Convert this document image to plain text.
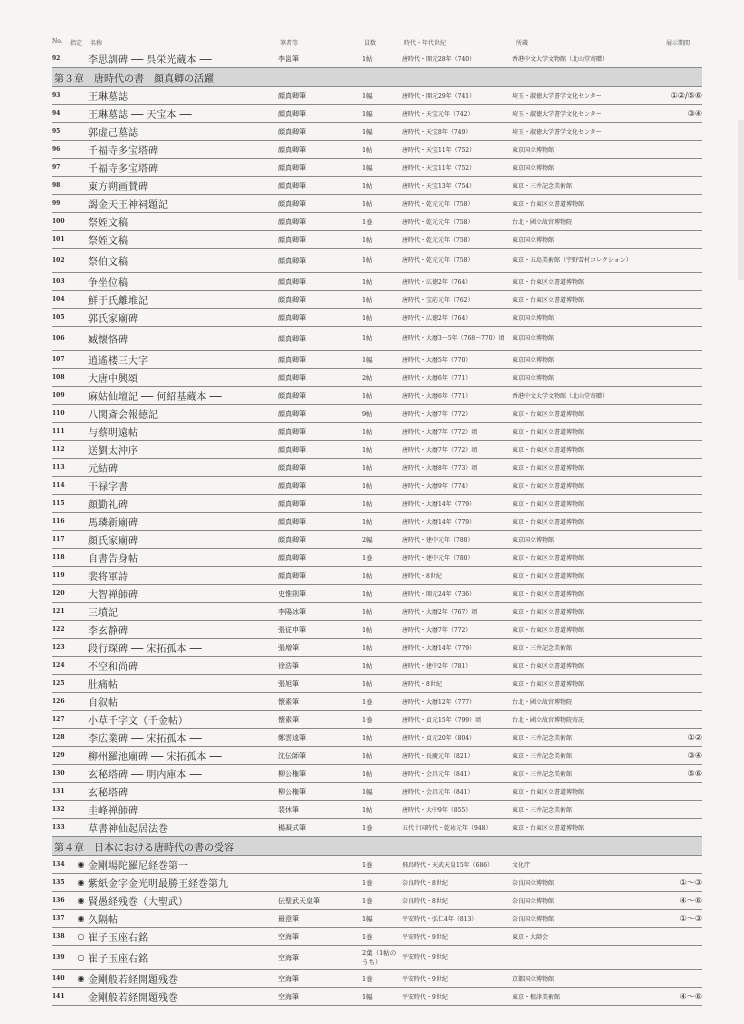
No. 指定 名称	筆者等	員数	時代・年代世紀	所蔵	展示期間
92		李思訓碑 ── 呉栄光蔵本 ──	李邕筆	1帖	唐時代・開元28年（740）	香港中文大学文物館（北山堂寄贈）	
第３章　唐時代の書　顔真卿の活躍							
93		王琳墓誌	顔真卿筆	1幅	唐時代・開元29年（741）	埼玉・淑徳大学書学文化センター	①②/⑤⑥
94		王琳墓誌 ── 天宝本 ──	顔真卿筆	1幅	唐時代・天宝元年（742）	埼玉・淑徳大学書学文化センター	③④
95		郭虚己墓誌	顔真卿筆	1幅	唐時代・天宝8年（749）	埼玉・淑徳大学書学文化センター	
96		千福寺多宝塔碑	顔真卿筆	1帖	唐時代・天宝11年（752）	東京国立博物館	
97		千福寺多宝塔碑	顔真卿筆	1幅	唐時代・天宝11年（752）	東京国立博物館	
98		東方朔画賛碑	顔真卿筆	1帖	唐時代・天宝13年（754）	東京・三井記念美術館	
99		謁金天王神祠題記	顔真卿筆	1帖	唐時代・乾元元年（758）	東京・台東区立書道博物館	
100		祭姪文稿	顔真卿筆	1巻	唐時代・乾元元年（758）	台北・國立故宮博物院	
101		祭姪文稿	顔真卿筆	1帖	唐時代・乾元元年（758）	東京国立博物館	
102		祭伯文稿	顔真卿筆	1帖	唐時代・乾元元年（758）	東京・五島美術館（宇野雪村コレクション）	

103		争坐位稿	顔真卿筆	1帖	唐時代・広徳2年（764）	東京・台東区立書道博物館	
104		鮮于氏離堆記	顔真卿筆	1帖	唐時代・宝応元年（762）	東京・台東区立書道博物館	
105		郭氏家廟碑	顔真卿筆	1帖	唐時代・広徳2年（764）	東京国立博物館	
106		臧懐恪碑	顔真卿筆	1帖	唐時代・大暦3～5年（768～770）頃	東京国立博物館	

107		逍遙楼三大字	顔真卿筆	1幅	唐時代・大暦5年（770）	東京国立博物館	
108		大唐中興頌	顔真卿筆	2帖	唐時代・大暦6年（771）	東京国立博物館	
109		麻姑仙壇記 ── 何紹基蔵本 ──	顔真卿筆	1帖	唐時代・大暦6年（771）	香港中文大学文物館（北山堂寄贈）	
110		八関斎会報徳記	顔真卿筆	9帖	唐時代・大暦7年（772）	東京・台東区立書道博物館	
111		与蔡明遠帖	顔真卿筆	1帖	唐時代・大暦7年（772）頃	東京・台東区立書道博物館	
112		送劉太沖序	顔真卿筆	1帖	唐時代・大暦7年（772）頃	東京・台東区立書道博物館	
113		元結碑	顔真卿筆	1帖	唐時代・大暦8年（773）頃	東京・台東区立書道博物館	
114		干禄字書	顔真卿筆	1帖	唐時代・大暦9年（774）	東京・台東区立書道博物館	
115		顔勤礼碑	顔真卿筆	1帖	唐時代・大暦14年（779）	東京・台東区立書道博物館	
116		馬璘新廟碑	顔真卿筆	1帖	唐時代・大暦14年（779）	東京・台東区立書道博物館	
117		顔氏家廟碑	顔真卿筆	2幅	唐時代・建中元年（780）	東京国立博物館	
118		自書告身帖	顔真卿筆	1巻	唐時代・建中元年（780）	東京・台東区立書道博物館	
119		裴将軍詩	顔真卿筆	1帖	唐時代・8世紀	東京・台東区立書道博物館	
120		大智禅師碑	史惟則筆	1帖	唐時代・開元24年（736）	東京・台東区立書道博物館	
121		三墳記	李陽冰筆	1帖	唐時代・大暦2年（767）頃	東京・台東区立書道博物館	
122		李玄静碑	張従申筆	1帖	唐時代・大暦7年（772）	東京・台東区立書道博物館	
123		段行琛碑 ── 宋拓孤本 ──	張増筆	1帖	唐時代・大暦14年（779）	東京・三井記念美術館	
124		不空和尚碑	徐浩筆	1帖	唐時代・建中2年（781）	東京・台東区立書道博物館	
125		肚痛帖	張旭筆	1帖	唐時代・8世紀	東京・台東区立書道博物館	
126		自叙帖	懐素筆	1巻	唐時代・大暦12年（777）	台北・國立故宮博物院	
127		小草千字文（千金帖）	懐素筆	1巻	唐時代・貞元15年（799）頃	台北・國立故宮博物院寄託	
128		李広業碑 ── 宋拓孤本 ──	鄭雲逵筆	1帖	唐時代・貞元20年（804）	東京・三井記念美術館	①②
129		柳州羅池廟碑 ── 宋拓孤本 ──	沈伝師筆	1帖	唐時代・長慶元年（821）	東京・三井記念美術館	③④
130		玄秘塔碑 ── 明内庫本 ──	柳公権筆	1帖	唐時代・会昌元年（841）	東京・三井記念美術館	⑤⑥
131		玄秘塔碑	柳公権筆	1幅	唐時代・会昌元年（841）	東京・台東区立書道博物館	
132		圭峰禅師碑	裴休筆	1帖	唐時代・大中9年（855）	東京・三井記念美術館	
133		草書神仙起居法巻	楊凝式筆	1巻	五代十国時代・乾祐元年（948）	東京・台東区立書道博物館	
第４章　日本における唐時代の書の受容							
134	◉	金剛場陀羅尼経巻第一		1巻	飛鳥時代・天武天皇15年（686）	文化庁	
135	◉	紫紙金字金光明最勝王経巻第九		1巻	奈良時代・8世紀	奈良国立博物館	①～③
136	◉	賢愚経残巻（大聖武）	伝聖武天皇筆	1巻	奈良時代・8世紀	奈良国立博物館	④～⑥
137	◉	久隔帖	最澄筆	1幅	平安時代・弘仁4年（813）	奈良国立博物館	①～③
138	○	崔子玉座右銘	空海筆	1巻	平安時代・9世紀	東京・大師会	
139	○	崔子玉座右銘	空海筆	2葉（1帖のうち）	平安時代・9世紀		

140	◉	金剛般若経開題残巻	空海筆	1巻	平安時代・9世紀	京都国立博物館	
141		金剛般若経開題残巻	空海筆	1幅	平安時代・9世紀	東京・根津美術館	④～⑥
